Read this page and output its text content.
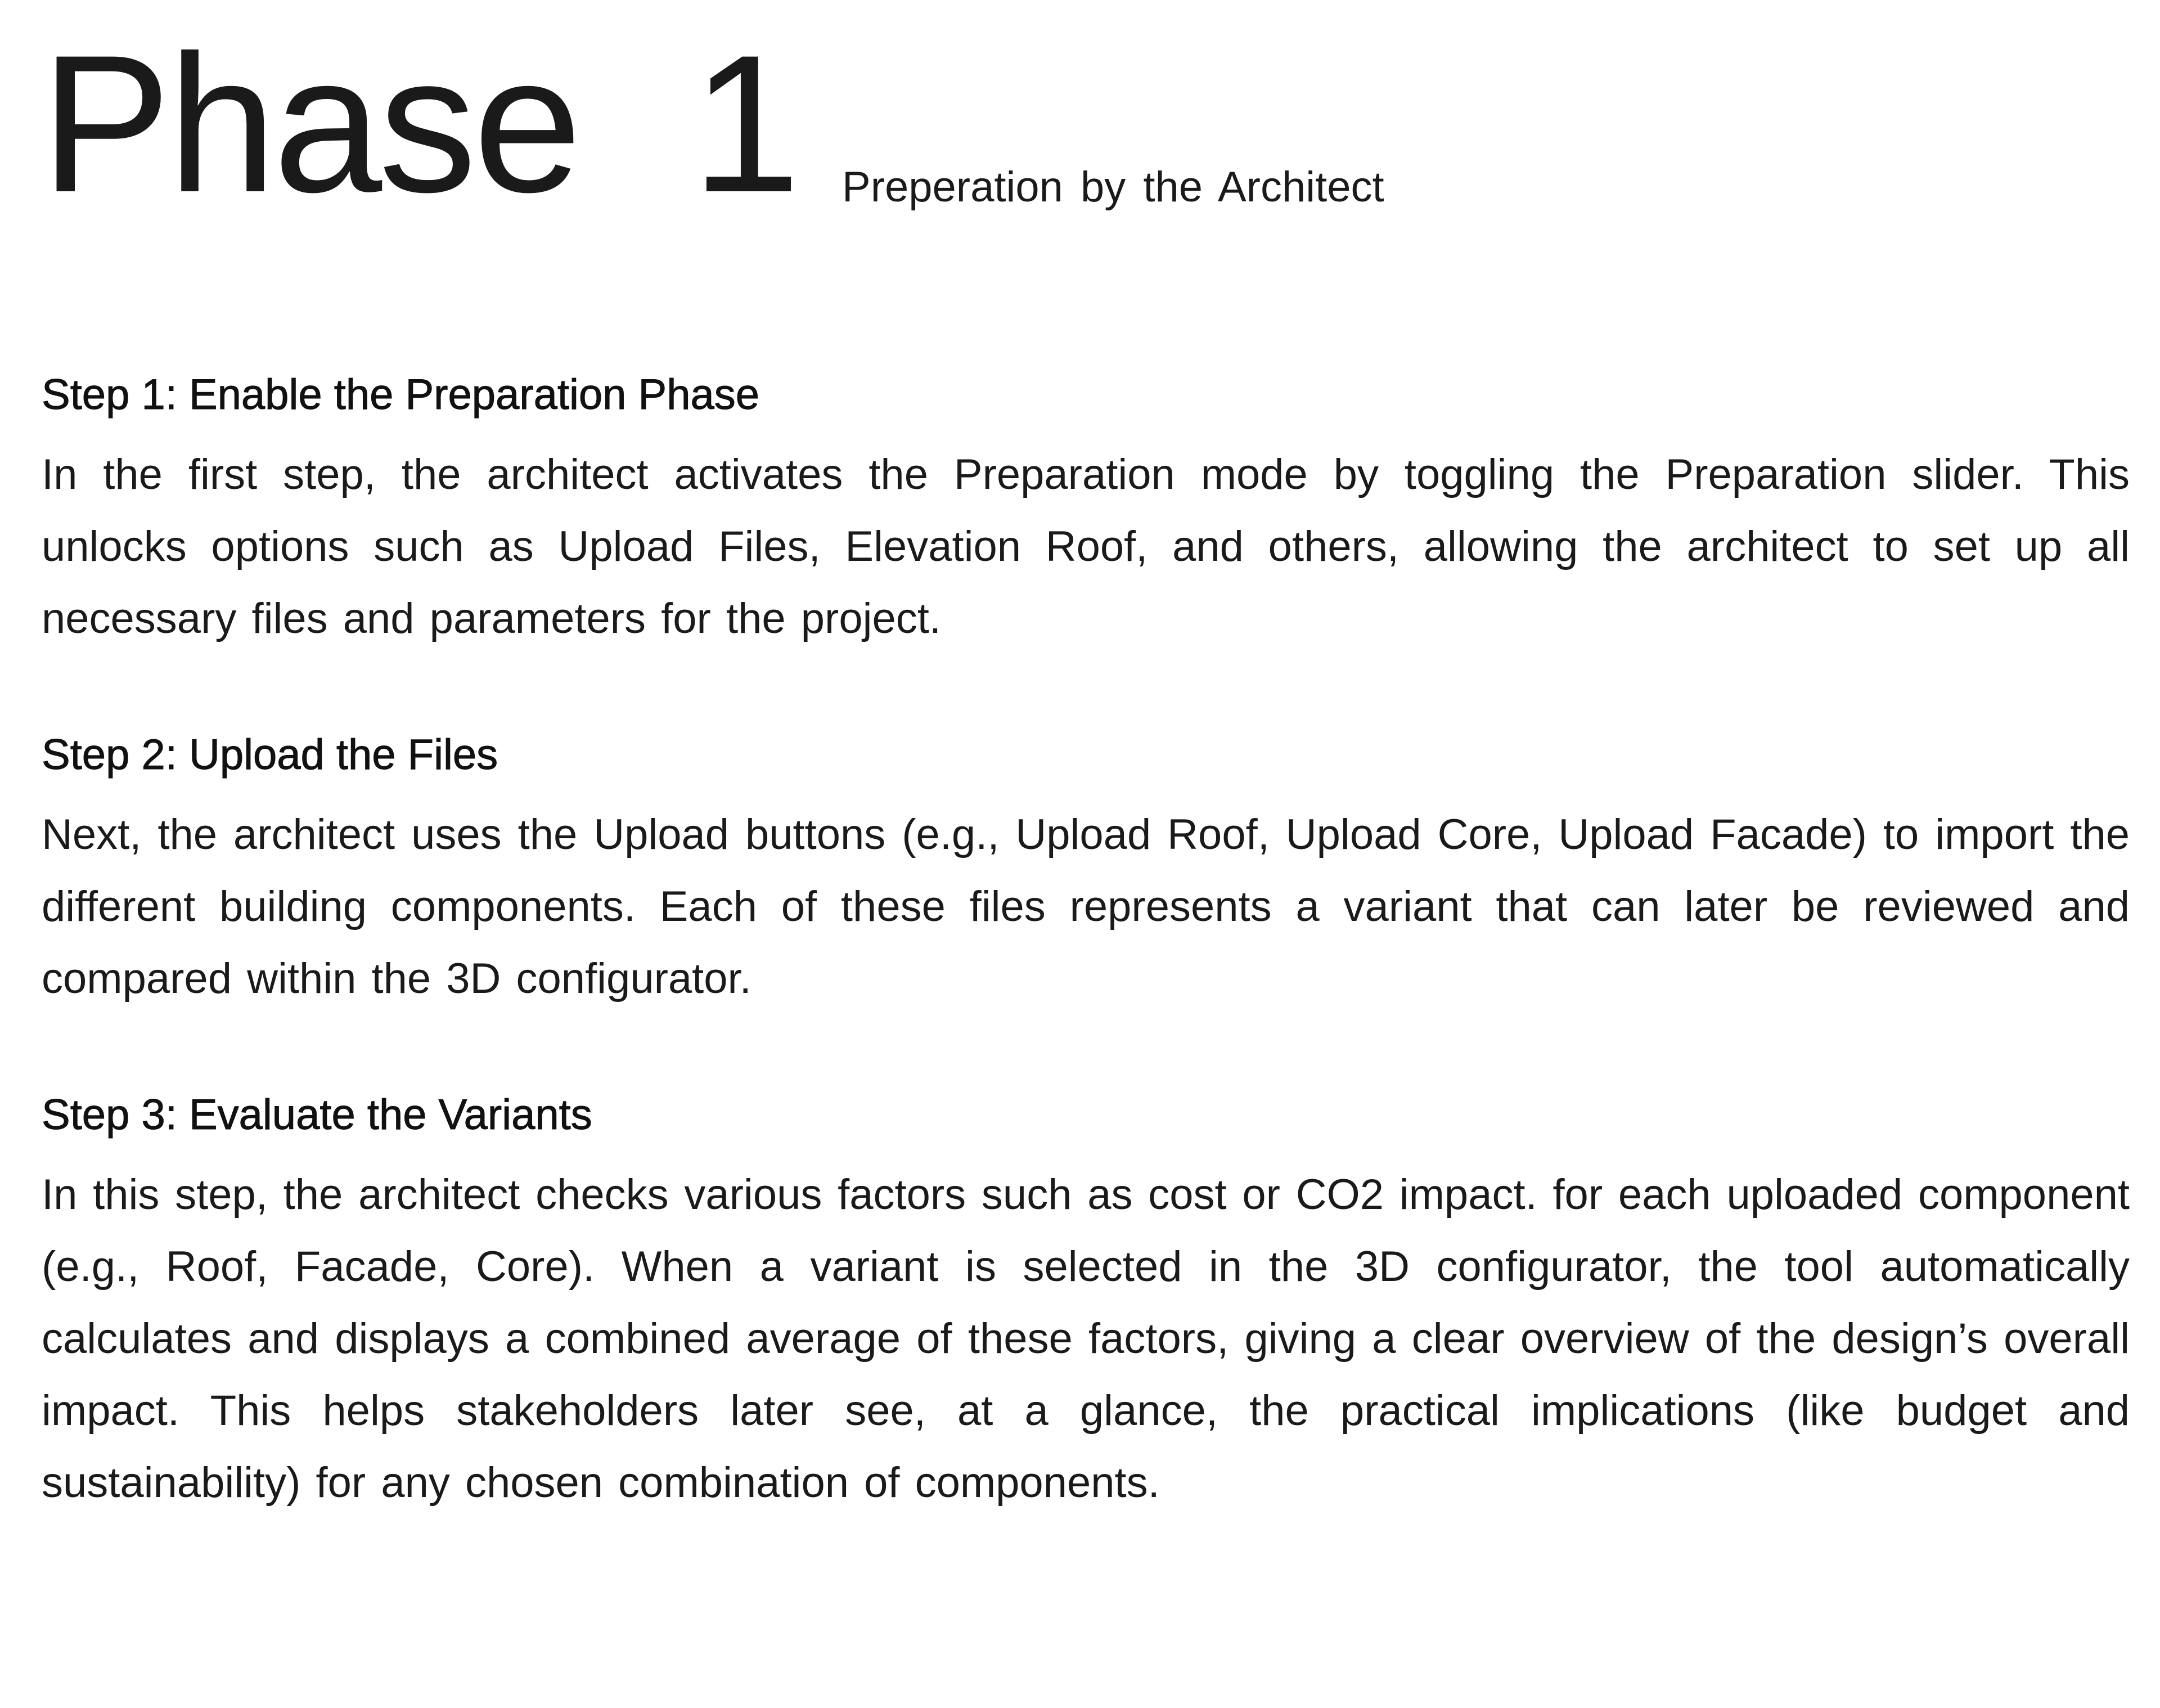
Phase 1 Preperation by the Architect
Step 1: Enable the Preparation Phase

In the first step, the architect activates the Preparation mode by toggling the Preparation slider. This unlocks options such as Upload Files, Elevation Roof, and others, allowing the architect to set up all necessary files and parameters for the project.

Step 2: Upload the Files

Next, the architect uses the Upload buttons (e.g., Upload Roof, Upload Core, Upload Facade) to import the different building components. Each of these files represents a variant that can later be reviewed and compared within the 3D configurator.

Step 3: Evaluate the Variants

In this step, the architect checks various factors such as cost or CO2 impact. for each uploaded component (e.g., Roof, Facade, Core). When a variant is selected in the 3D configurator, the tool automatically calculates and displays a combined average of these factors, giving a clear overview of the design’s overall impact. This helps stakeholders later see, at a glance, the practical implications (like budget and sustainability) for any chosen combination of components.
